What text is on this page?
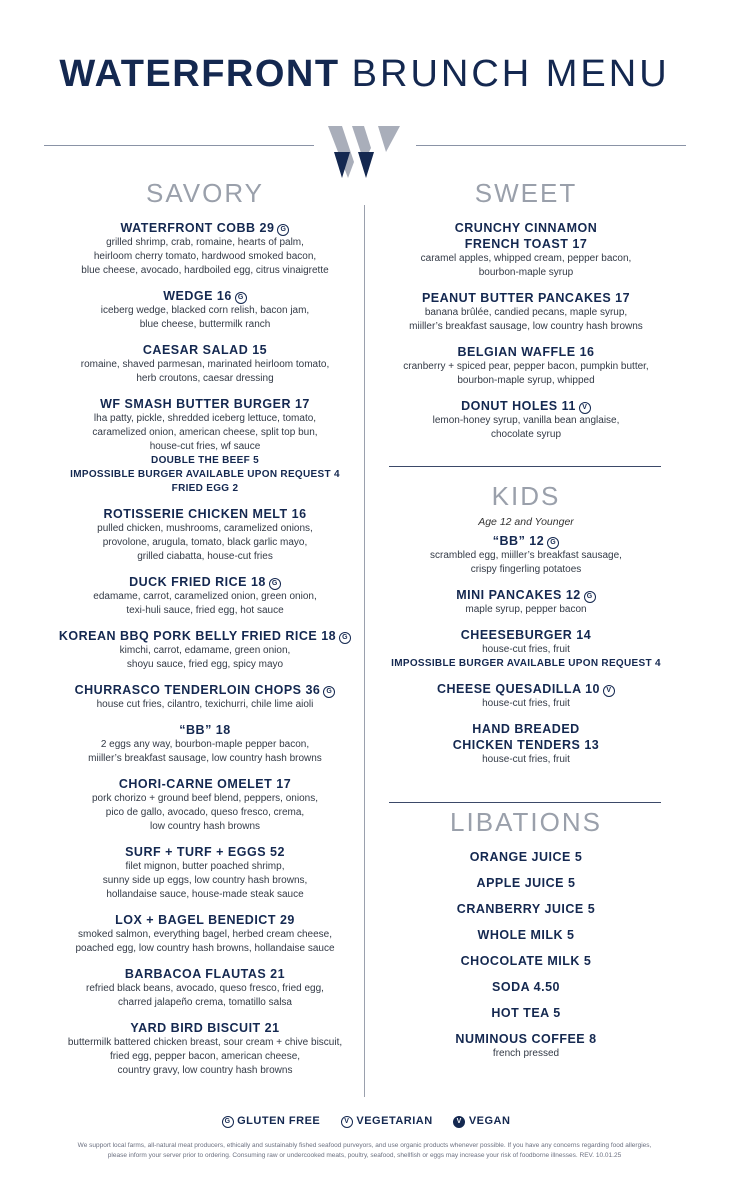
WATERFRONT BRUNCH MENU
SAVORY
WATERFRONT COBB 29 G
grilled shrimp, crab, romaine, hearts of palm,
heirloom cherry tomato, hardwood smoked bacon,
blue cheese, avocado, hardboiled egg, citrus vinaigrette
WEDGE 16 G
iceberg wedge, blacked corn relish, bacon jam,
blue cheese, buttermilk ranch
CAESAR SALAD 15
romaine, shaved parmesan, marinated heirloom tomato,
herb croutons, caesar dressing
WF SMASH BUTTER BURGER 17
lha patty, pickle, shredded iceberg lettuce, tomato,
caramelized onion, american cheese, split top bun,
house-cut fries, wf sauce
DOUBLE THE BEEF 5
IMPOSSIBLE BURGER AVAILABLE UPON REQUEST 4
FRIED EGG 2
ROTISSERIE CHICKEN MELT 16
pulled chicken, mushrooms, caramelized onions,
provolone, arugula, tomato, black garlic mayo,
grilled ciabatta, house-cut fries
DUCK FRIED RICE 18 G
edamame, carrot, caramelized onion, green onion,
texi-huli sauce, fried egg, hot sauce
KOREAN BBQ PORK BELLY FRIED RICE 18 G
kimchi, carrot, edamame, green onion,
shoyu sauce, fried egg, spicy mayo
CHURRASCO TENDERLOIN CHOPS 36 G
house cut fries, cilantro, texichurri, chile lime aioli
“BB” 18
2 eggs any way, bourbon-maple pepper bacon,
miiller’s breakfast sausage, low country hash browns
CHORI-CARNE OMELET 17
pork chorizo + ground beef blend, peppers, onions,
pico de gallo, avocado, queso fresco, crema,
low country hash browns
SURF + TURF + EGGS 52
filet mignon, butter poached shrimp,
sunny side up eggs, low country hash browns,
hollandaise sauce, house-made steak sauce
LOX + BAGEL BENEDICT 29
smoked salmon, everything bagel, herbed cream cheese,
poached egg, low country hash browns, hollandaise sauce
BARBACOA FLAUTAS 21
refried black beans, avocado, queso fresco, fried egg,
charred jalapeño crema, tomatillo salsa
YARD BIRD BISCUIT 21
buttermilk battered chicken breast, sour cream + chive biscuit,
fried egg, pepper bacon, american cheese,
country gravy, low country hash browns
SWEET
CRUNCHY CINNAMON
FRENCH TOAST 17
caramel apples, whipped cream, pepper bacon,
bourbon-maple syrup
PEANUT BUTTER PANCAKES 17
banana brûlée, candied pecans, maple syrup,
miiller’s breakfast sausage, low country hash browns
BELGIAN WAFFLE 16
cranberry + spiced pear, pepper bacon, pumpkin butter,
bourbon-maple syrup, whipped
DONUT HOLES 11 V
lemon-honey syrup, vanilla bean anglaise,
chocolate syrup
KIDS
Age 12 and Younger
“BB” 12 G
scrambled egg, miiller’s breakfast sausage,
crispy fingerling potatoes
MINI PANCAKES 12 G
maple syrup, pepper bacon
CHEESEBURGER 14
house-cut fries, fruit
IMPOSSIBLE BURGER AVAILABLE UPON REQUEST 4
CHEESE QUESADILLA 10 V
house-cut fries, fruit
HAND BREADED
CHICKEN TENDERS 13
house-cut fries, fruit
LIBATIONS
ORANGE JUICE 5
APPLE JUICE 5
CRANBERRY JUICE 5
WHOLE MILK 5
CHOCOLATE MILK 5
SODA 4.50
HOT TEA 5
NUMINOUS COFFEE 8
french pressed
G GLUTEN FREE	V VEGETARIAN	V VEGAN
We support local farms, all-natural meat producers, ethically and sustainably fished seafood purveyors, and use organic products whenever possible. If you have any concerns regarding food allergies,
please inform your server prior to ordering. Consuming raw or undercooked meats, poultry, seafood, shellfish or eggs may increase your risk of foodborne illnesses. REV. 10.01.25
